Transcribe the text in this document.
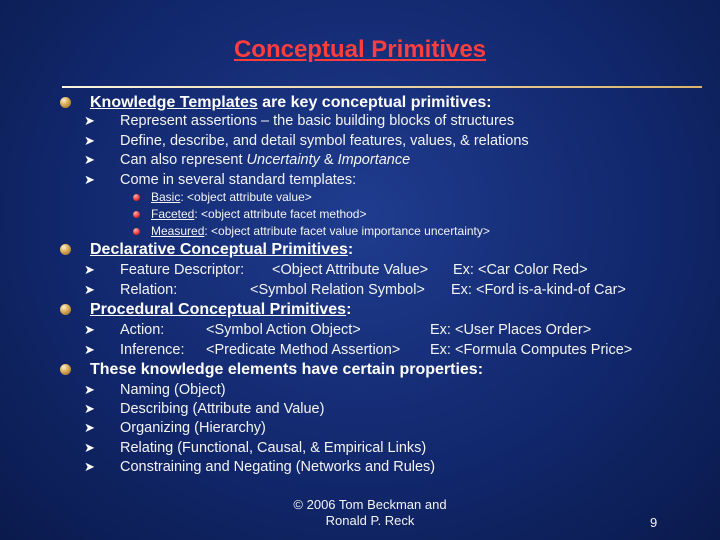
Conceptual Primitives
Knowledge Templates are key conceptual primitives:
➤ Represent assertions – the basic building blocks of structures
➤ Define, describe, and detail symbol features, values, & relations
➤ Can also represent Uncertainty & Importance
➤ Come in several standard templates:
Basic: <object attribute value>
Faceted: <object attribute facet method>
Measured: <object attribute facet value importance uncertainty>
Declarative Conceptual Primitives:
➤ Feature Descriptor: <Object Attribute Value> Ex: <Car Color Red>
➤ Relation:	<Symbol Relation Symbol> Ex: <Ford is-a-kind-of Car>
Procedural Conceptual Primitives:
➤ Action:	<Symbol Action Object>	Ex: <User Places Order>
➤ Inference: <Predicate Method Assertion> Ex: <Formula Computes Price>
These knowledge elements have certain properties:
➤ Naming (Object)
➤ Describing (Attribute and Value)
➤ Organizing (Hierarchy)
➤ Relating (Functional, Causal, & Empirical Links)
➤ Constraining and Negating (Networks and Rules)
© 2006 Tom Beckman and
Ronald P. Reck	9
